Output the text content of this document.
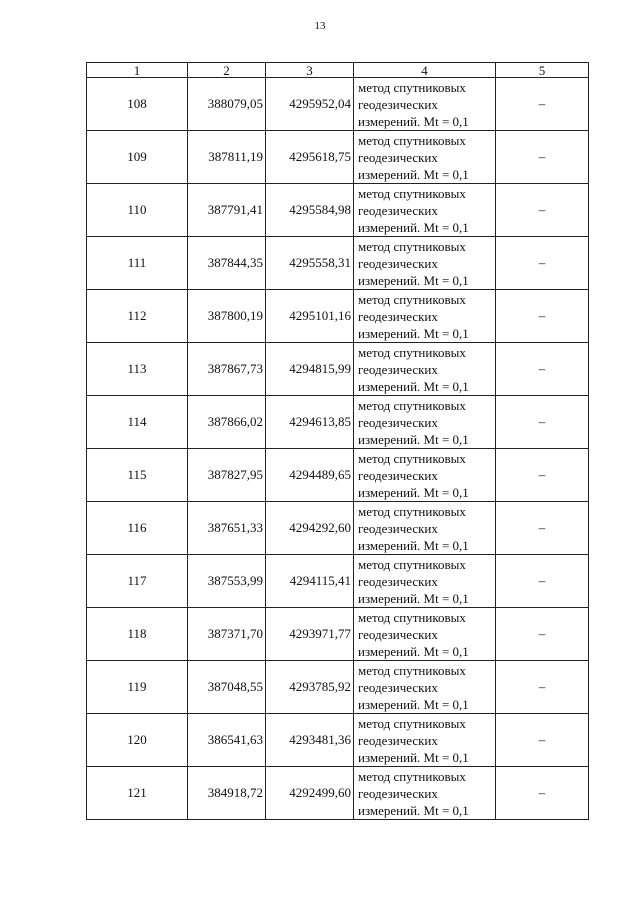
13
1	2	3	4	5
108	388079,05	4295952,04	метод спутниковых
геодезических
измерений. Mt = 0,1	–
109	387811,19	4295618,75	метод спутниковых
геодезических
измерений. Mt = 0,1	–
110	387791,41	4295584,98	метод спутниковых
геодезических
измерений. Mt = 0,1	–
111	387844,35	4295558,31	метод спутниковых
геодезических
измерений. Mt = 0,1	–
112	387800,19	4295101,16	метод спутниковых
геодезических
измерений. Mt = 0,1	–
113	387867,73	4294815,99	метод спутниковых
геодезических
измерений. Mt = 0,1	–
114	387866,02	4294613,85	метод спутниковых
геодезических
измерений. Mt = 0,1	–
115	387827,95	4294489,65	метод спутниковых
геодезических
измерений. Mt = 0,1	–
116	387651,33	4294292,60	метод спутниковых
геодезических
измерений. Mt = 0,1	–
117	387553,99	4294115,41	метод спутниковых
геодезических
измерений. Mt = 0,1	–
118	387371,70	4293971,77	метод спутниковых
геодезических
измерений. Mt = 0,1	–
119	387048,55	4293785,92	метод спутниковых
геодезических
измерений. Mt = 0,1	–
120	386541,63	4293481,36	метод спутниковых
геодезических
измерений. Mt = 0,1	–
121	384918,72	4292499,60	метод спутниковых
геодезических
измерений. Mt = 0,1	–
